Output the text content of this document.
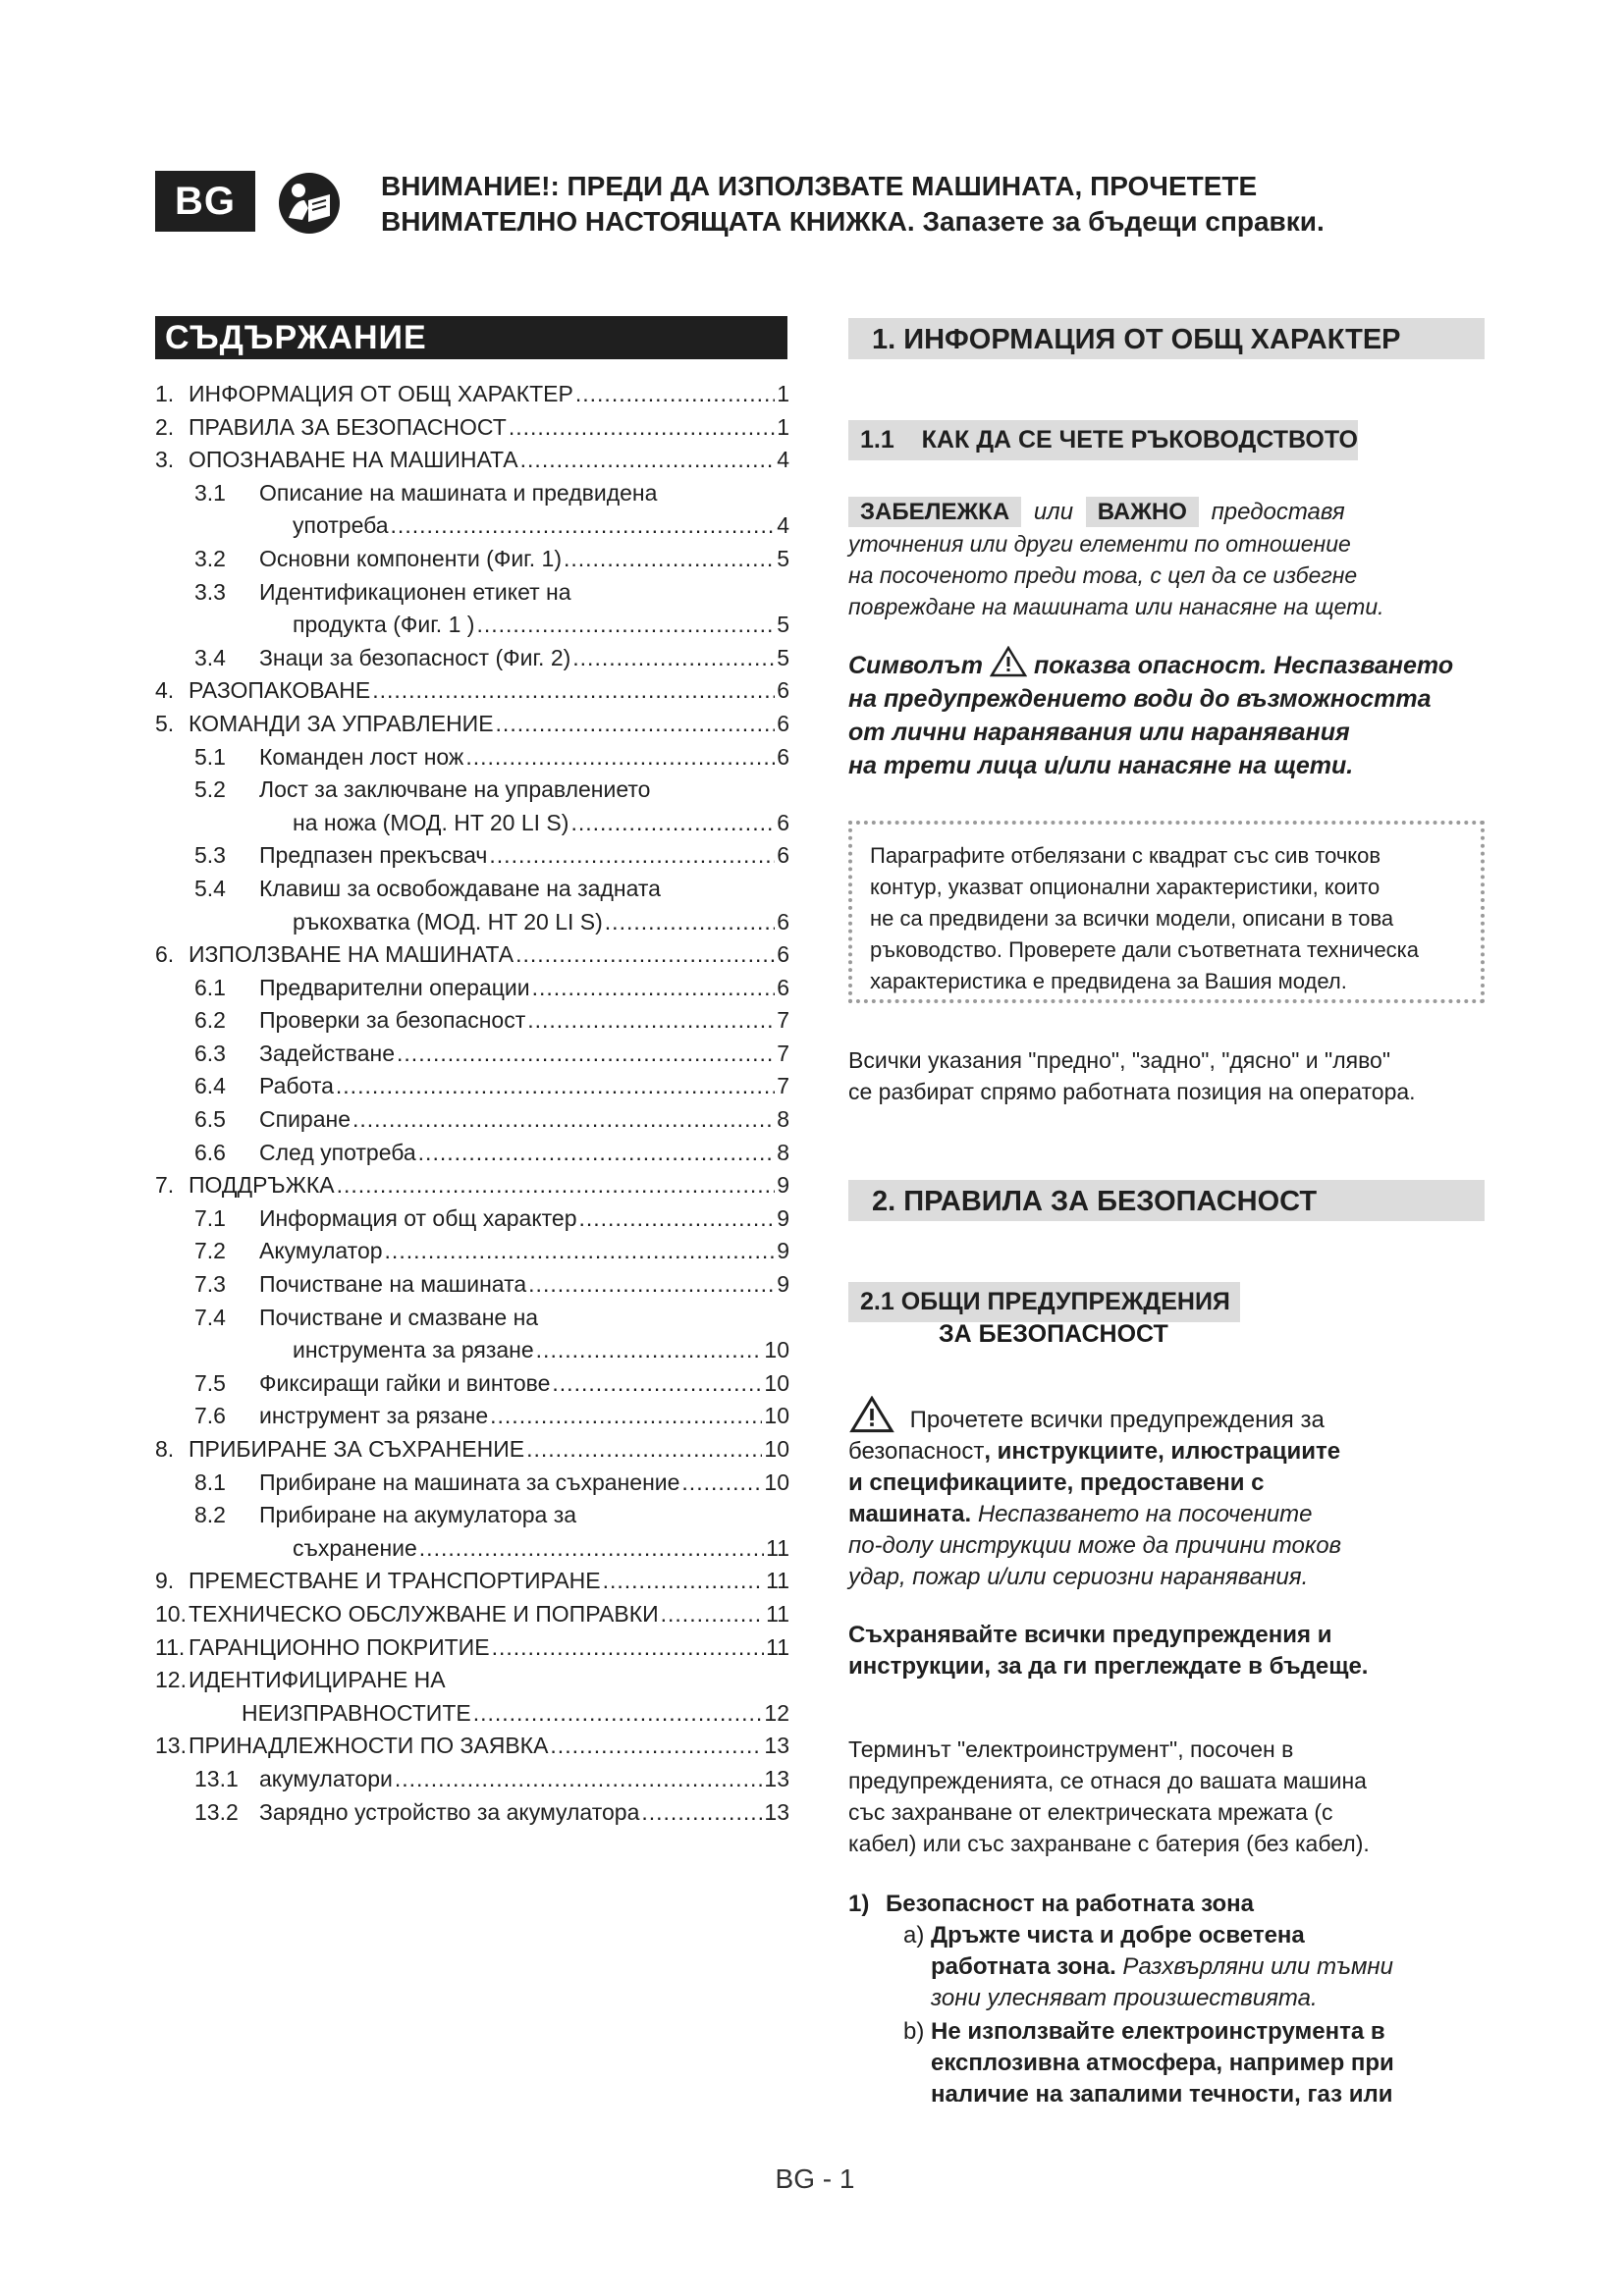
BG	ВНИМАНИЕ!: ПРЕДИ ДА ИЗПОЛЗВАТЕ МАШИНАТА, ПРОЧЕТЕТЕ
ВНИМАТЕЛНО НАСТОЯЩАТА КНИЖКА. Запазете за бъдещи справки.
СЪДЪРЖАНИЕ
1. ИНФОРМАЦИЯ ОТ ОБЩ ХАРАКТЕР .....	1
2. ПРАВИЛА ЗА БЕЗОПАСНОСТ .....	1
3. ОПОЗНАВАНЕ НА МАШИНАТА .....	4
3.1	Описание на машината и предвидена
употреба .....	4
3.2	Основни компоненти (Фиг. 1) .....	5
3.3	Идентификационен етикет на
продукта (Фиг. 1 ) .....	5
3.4	Знаци за безопасност (Фиг. 2) .....	5
4. РАЗОПАКОВАНЕ .....	6
5. КОМАНДИ ЗА УПРАВЛЕНИЕ .....	6
5.1	Команден лост нож .....	6
5.2	Лост за заключване на управлението
на ножа (МОД. HT 20 LI S) .....	6
5.3	Предпазен прекъсвач .....	6
5.4	Клавиш за освобождаване на задната
ръкохватка (МОД. HT 20 LI S) .....	6
6. ИЗПОЛЗВАНЕ НА МАШИНАТА .....	6
6.1	Предварителни операции .....	6
6.2	Проверки за безопасност .....	7
6.3	Задействане .....	7
6.4	Работа .....	7
6.5	Спиране .....	8
6.6	След употреба .....	8
7. ПОДДРЪЖКА .....	9
7.1	Информация от общ характер .....	9
7.2	Акумулатор .....	9
7.3	Почистване на машината .....	9
7.4	Почистване и смазване на
инструмента за рязане .....	10
7.5	Фиксиращи гайки и винтове .....	10
7.6	инструмент за рязане .....	10
8. ПРИБИРАНЕ ЗА СЪХРАНЕНИЕ .....	10
8.1	Прибиране на машината за съхранение .....	10
8.2	Прибиране на акумулатора за
съхранение .....	11
9. ПРЕМЕСТВАНЕ И ТРАНСПОРТИРАНЕ .....	11
10. ТЕХНИЧЕСКО ОБСЛУЖВАНЕ И ПОПРАВКИ .....	11
11. ГАРАНЦИОННО ПОКРИТИЕ .....	11
12. ИДЕНТИФИЦИРАНЕ НА
НЕИЗПРАВНОСТИТЕ .....	12
13. ПРИНАДЛЕЖНОСТИ ПО ЗАЯВКА .....	13
13.1 акумулатори .....	13
13.2 Зарядно устройство за акумулатора .....	13
1. ИНФОРМАЦИЯ ОТ ОБЩ ХАРАКТЕР
1.1 КАК ДА СЕ ЧЕТЕ РЪКОВОДСТВОТО
ЗАБЕЛЕЖКА или ВАЖНО предоставя
уточнения или други елементи по отношение
на посоченото преди това, с цел да се избегне
повреждане на машината или нанасяне на щети.
Символът показва опасност. Неспазването
на предупреждението води до възможността
от лични наранявания или наранявания
на трети лица и/или нанасяне на щети.
Параграфите отбелязани с квадрат със сив точков
контур, указват опционални характеристики, които
не са предвидени за всички модели, описани в това
ръководство. Проверете дали съответната техническа
характеристика е предвидена за Вашия модел.
Всички указания "предно", "задно", "дясно" и "ляво"
се разбират спрямо работната позиция на оператора.
2. ПРАВИЛА ЗА БЕЗОПАСНОСТ
2.1 ОБЩИ ПРЕДУПРЕЖДЕНИЯ
ЗА БЕЗОПАСНОСТ
Прочетете всички предупреждения за
безопасност, инструкциите, илюстрациите
и спецификациите, предоставени с
машината. Неспазването на посочените
по-долу инструкции може да причини токов
удар, пожар и/или сериозни наранявания.
Съхранявайте всички предупреждения и
инструкции, за да ги преглеждате в бъдеще.
Терминът "електроинструмент", посочен в
предупрежденията, се отнася до вашата машина
със захранване от електрическата мрежата (с
кабел) или със захранване с батерия (без кабел).
1) Безопасност на работната зона
a) Дръжте чиста и добре осветена
работната зона. Разхвърляни или тъмни
зони улесняват произшествията.
b) Не използвайте електроинструмента в
експлозивна атмосфера, например при
наличие на запалими течности, газ или
BG - 1
